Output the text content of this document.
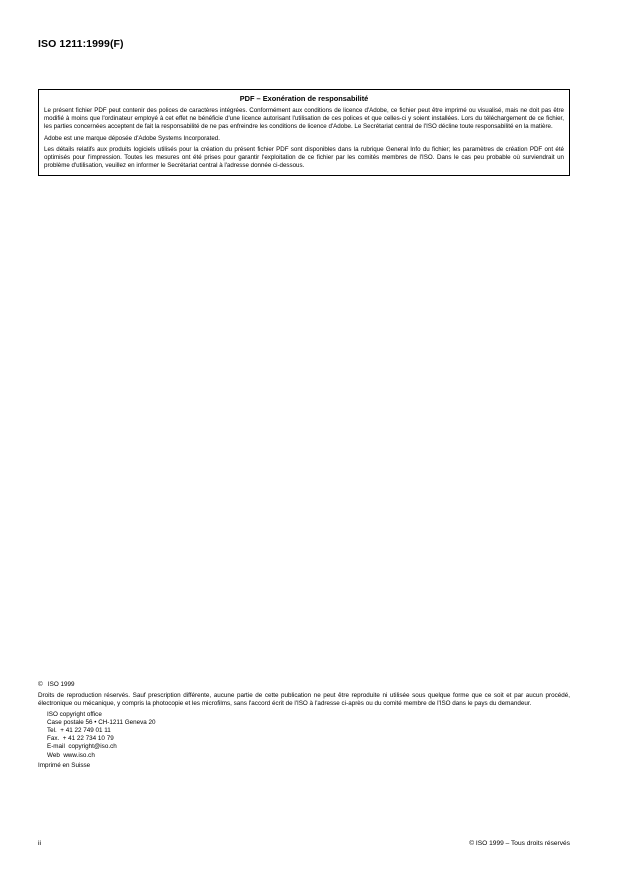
ISO 1211:1999(F)
PDF – Exonération de responsabilité

Le présent fichier PDF peut contenir des polices de caractères intégrées. Conformément aux conditions de licence d'Adobe, ce fichier peut être imprimé ou visualisé, mais ne doit pas être modifié à moins que l'ordinateur employé à cet effet ne bénéficie d'une licence autorisant l'utilisation de ces polices et que celles-ci y soient installées. Lors du téléchargement de ce fichier, les parties concernées acceptent de fait la responsabilité de ne pas enfreindre les conditions de licence d'Adobe. Le Secrétariat central de l'ISO décline toute responsabilité en la matière.

Adobe est une marque déposée d'Adobe Systems Incorporated.

Les détails relatifs aux produits logiciels utilisés pour la création du présent fichier PDF sont disponibles dans la rubrique General Info du fichier; les paramètres de création PDF ont été optimisés pour l'impression. Toutes les mesures ont été prises pour garantir l'exploitation de ce fichier par les comités membres de l'ISO. Dans le cas peu probable où surviendrait un problème d'utilisation, veuillez en informer le Secrétariat central à l'adresse donnée ci-dessous.

©   ISO 1999
Droits de reproduction réservés. Sauf prescription différente, aucune partie de cette publication ne peut être reproduite ni utilisée sous quelque forme que ce soit et par aucun procédé, électronique ou mécanique, y compris la photocopie et les microfilms, sans l'accord écrit de l'ISO à l'adresse ci-après ou du comité membre de l'ISO dans le pays du demandeur.
ISO copyright office
Case postale 56 • CH-1211 Geneva 20
Tel.  + 41 22 749 01 11
Fax.  + 41 22 734 10 79
E-mail  copyright@iso.ch
Web  www.iso.ch
Imprimé en Suisse
ii	© ISO 1999 – Tous droits réservés
